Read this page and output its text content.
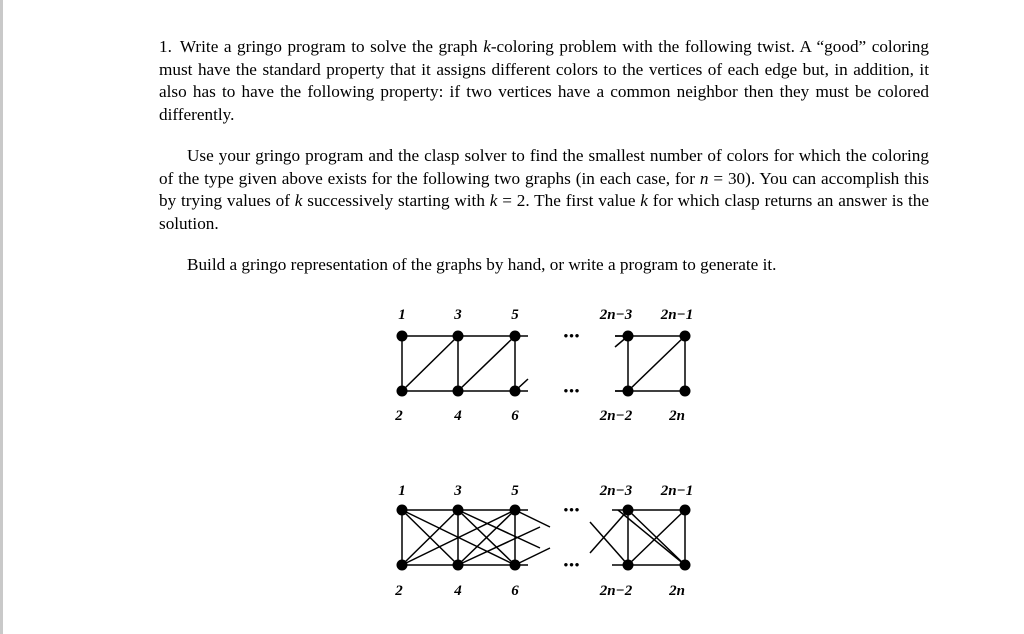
1. Write a gringo program to solve the graph k-coloring problem with the following twist. A “good” coloring must have the standard property that it assigns different colors to the vertices of each edge but, in addition, it also has to have the following property: if two vertices have a common neighbor then they must be colored differently.

Use your gringo program and the clasp solver to find the smallest number of colors for which the coloring of the type given above exists for the following two graphs (in each case, for n = 30). You can accomplish this by trying values of k successively starting with k = 2. The first value k for which clasp returns an answer is the solution.

Build a gringo representation of the graphs by hand, or write a program to generate it.

1	3	5	2n−3 2n−1
2	4	6	2n−2 2n
•••
•••
1	3	5	2n−3 2n−1
2	4	6	2n−2 2n
•••
•••
